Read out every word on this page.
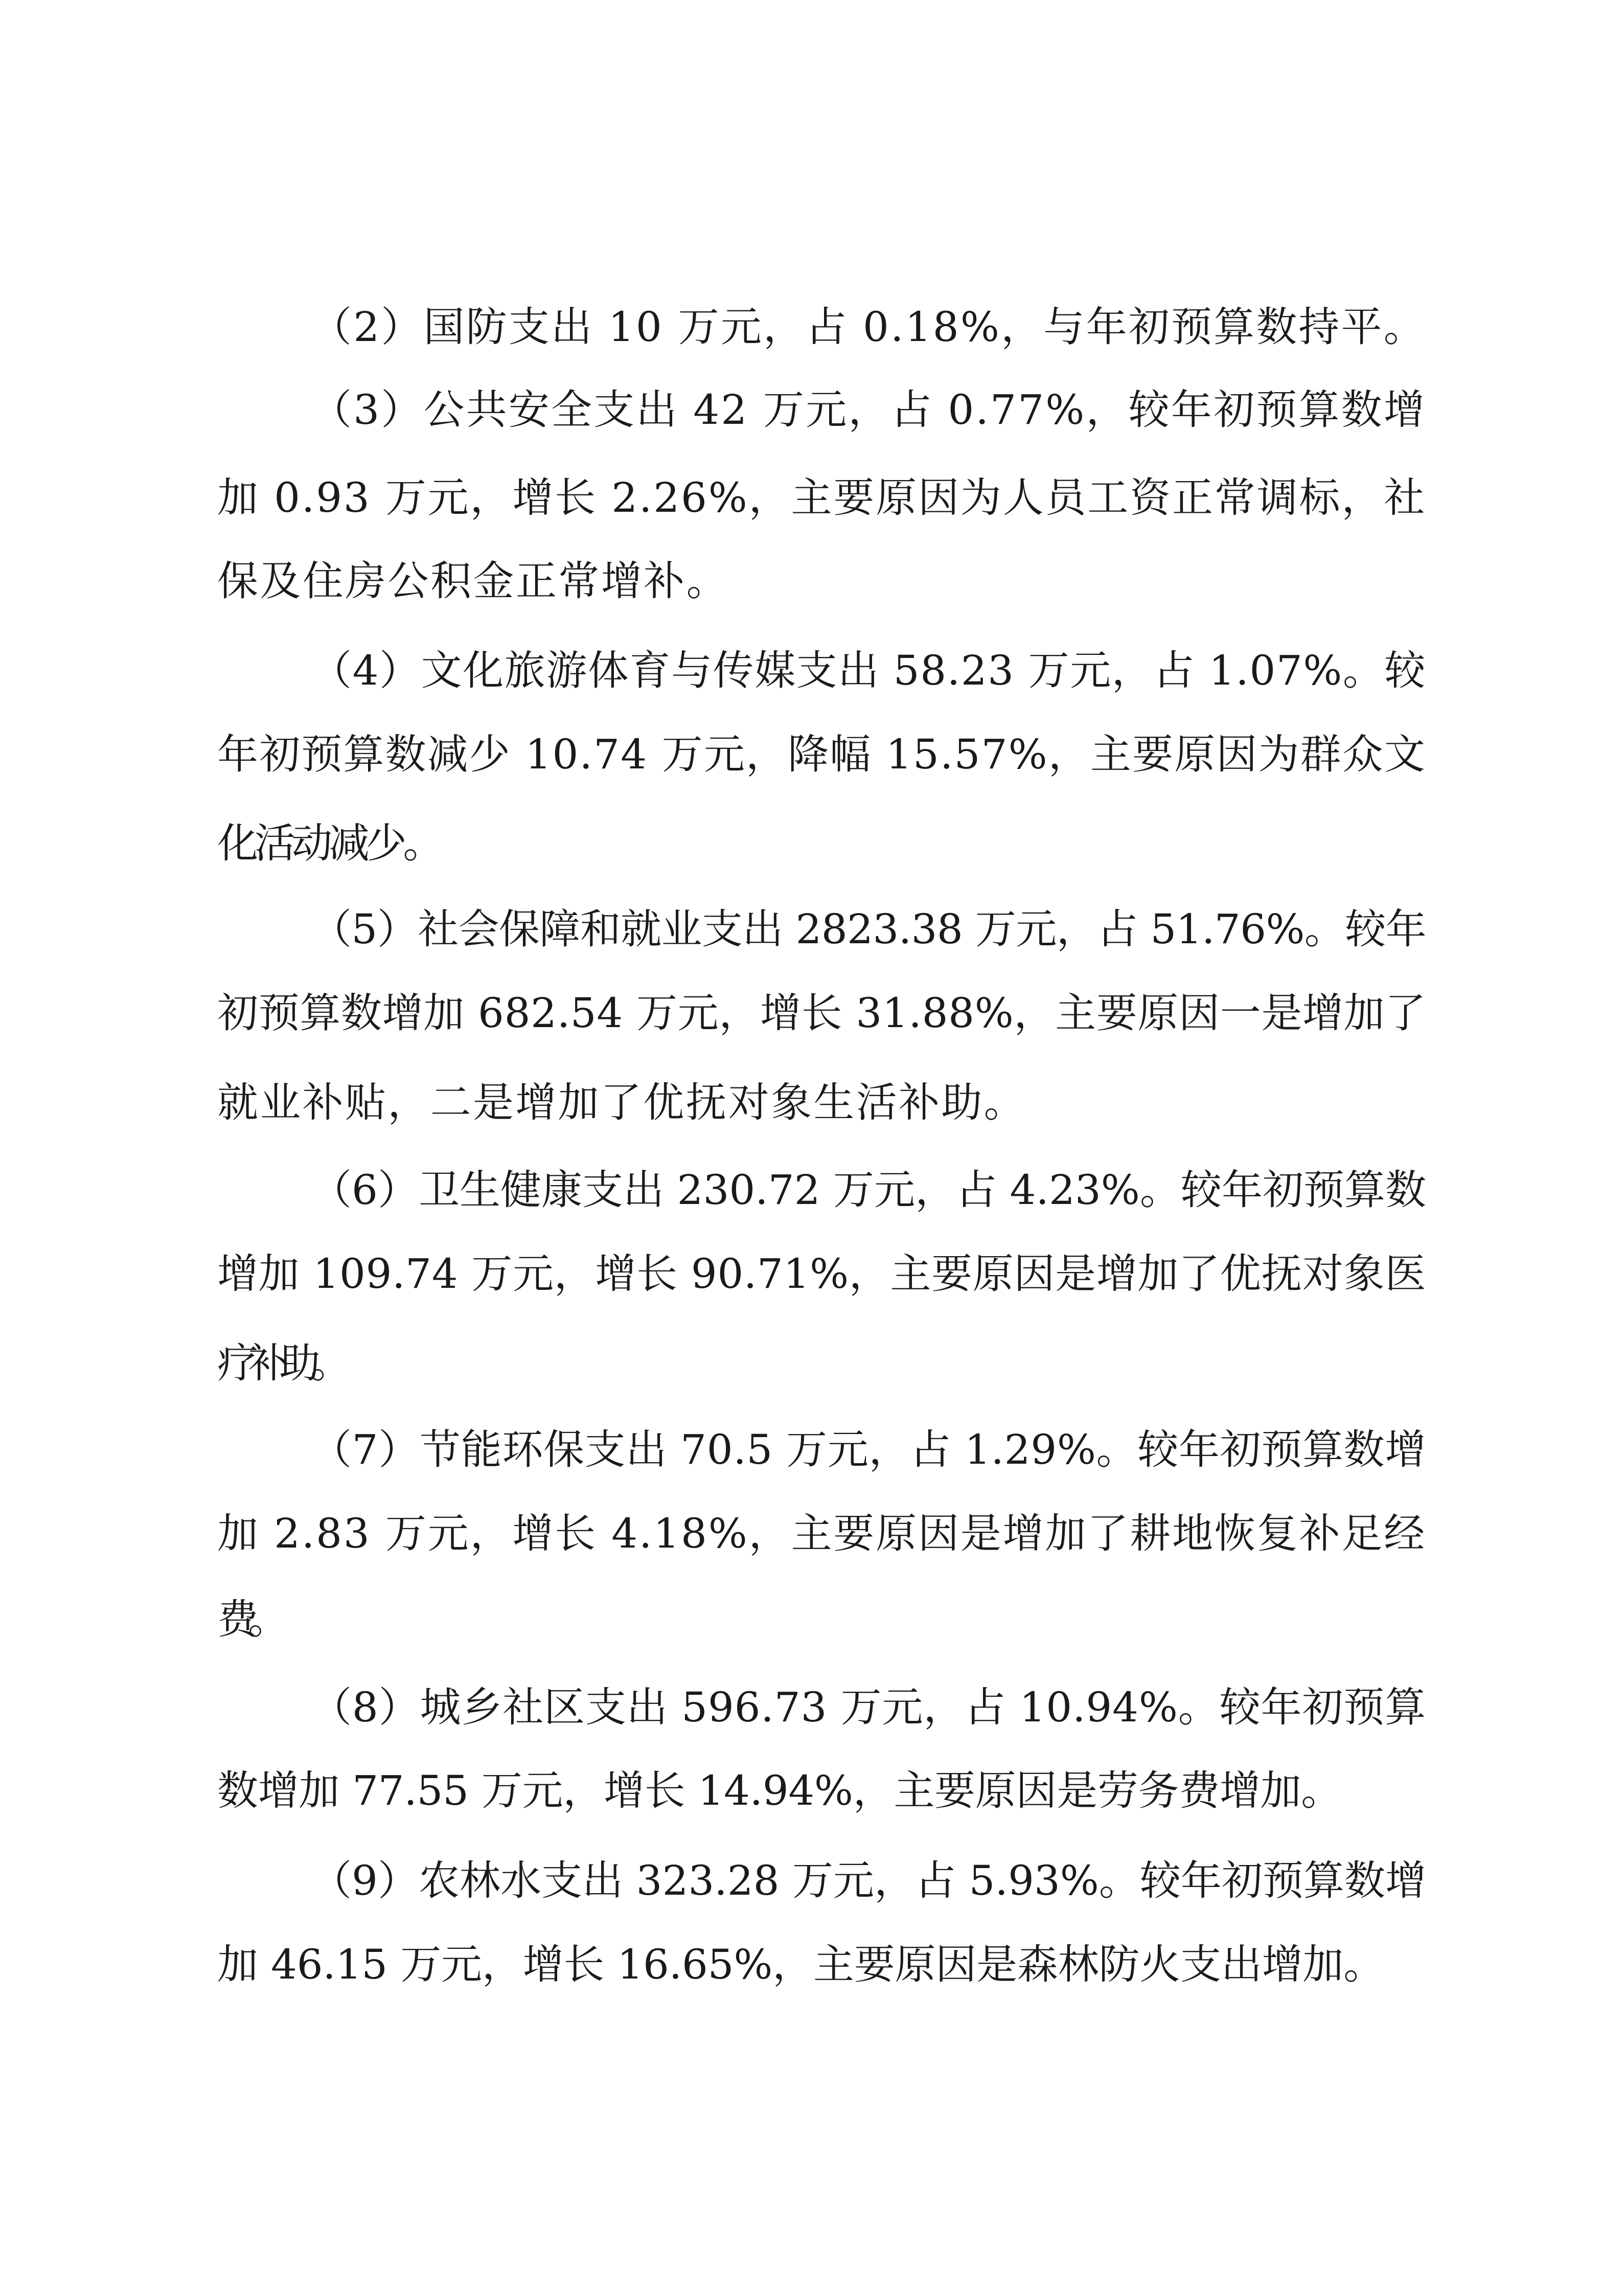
（2）国防支出 10 万元，占 0.18%，与年初预算数持平。
（3）公共安全支出 42 万元，占 0.77%，较年初预算数增
加 0.93 万元，增长 2.26%，主要原因为人员工资正常调标，社
保及住房公积金正常增补。
（4）文化旅游体育与传媒支出 58.23 万元，占 1.07%。较
年初预算数减少 10.74 万元，降幅 15.57%，主要原因为群众文
化活动减少。
（5）社会保障和就业支出 2823.38 万元，占 51.76%。较年
初预算数增加 682.54 万元，增长 31.88%，主要原因一是增加了
就业补贴，二是增加了优抚对象生活补助。
（6）卫生健康支出 230.72 万元，占 4.23%。较年初预算数
增加 109.74 万元，增长 90.71%，主要原因是增加了优抚对象医
疗补助。
（7）节能环保支出 70.5 万元，占 1.29%。较年初预算数增
加 2.83 万元，增长 4.18%，主要原因是增加了耕地恢复补足经
费。
（8）城乡社区支出 596.73 万元，占 10.94%。较年初预算
数增加 77.55 万元，增长 14.94%，主要原因是劳务费增加。
（9）农林水支出 323.28 万元，占 5.93%。较年初预算数增
加 46.15 万元，增长 16.65%，主要原因是森林防火支出增加。
